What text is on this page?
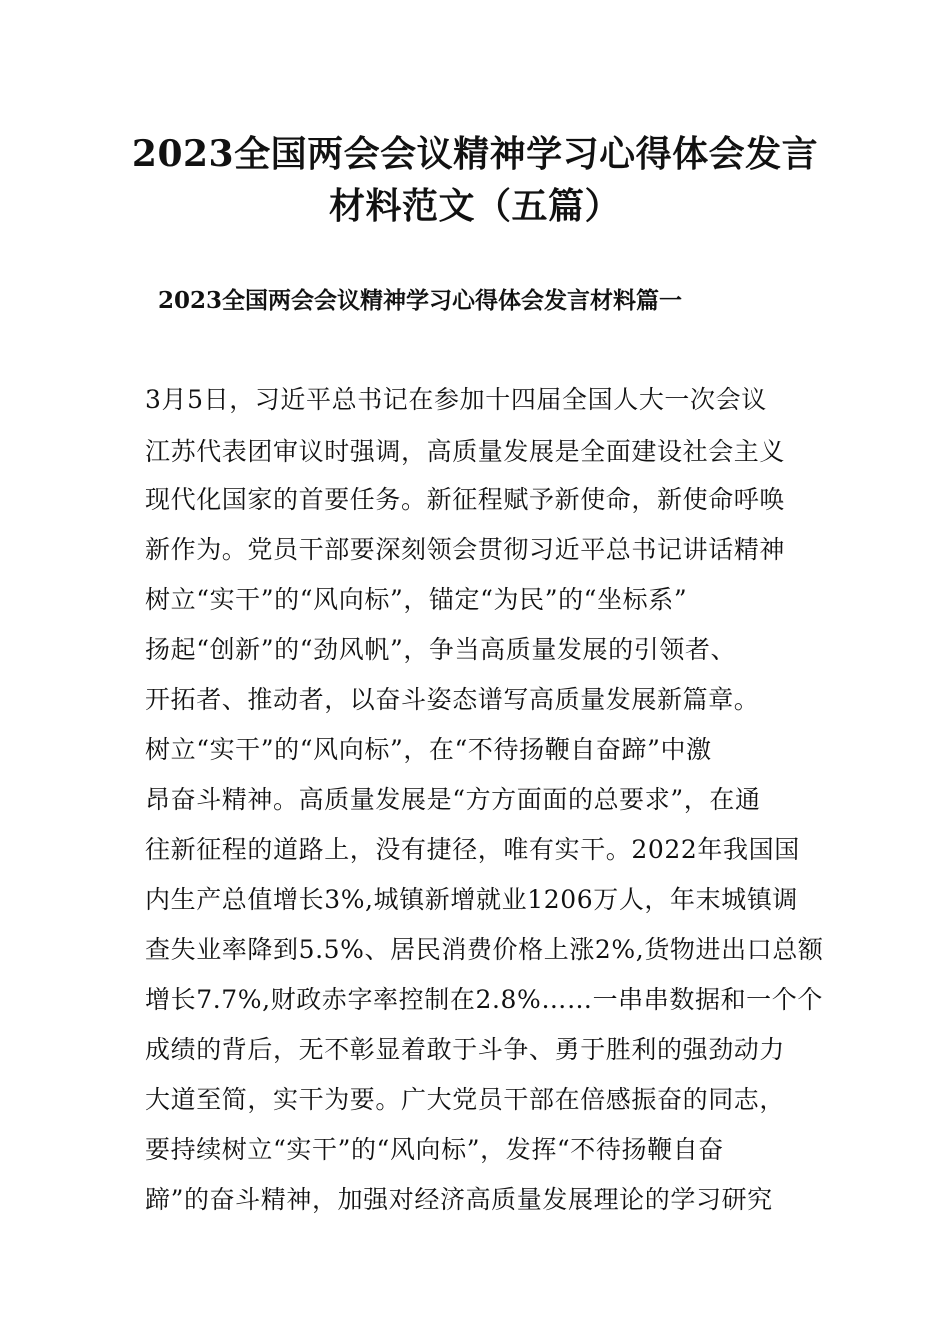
2023全国两会会议精神学习心得体会发言
材料范文（五篇）
2023全国两会会议精神学习心得体会发言材料篇一
3月5日，习近平总书记在参加十四届全国人大一次会议
江苏代表团审议时强调，高质量发展是全面建设社会主义
现代化国家的首要任务。新征程赋予新使命，新使命呼唤
新作为。党员干部要深刻领会贯彻习近平总书记讲话精神
树立“实干”的“风向标”，锚定“为民”的“坐标系”
扬起“创新”的“劲风帆”，争当高质量发展的引领者、
开拓者、推动者，以奋斗姿态谱写高质量发展新篇章。
树立“实干”的“风向标”，在“不待扬鞭自奋蹄”中激
昂奋斗精神。高质量发展是“方方面面的总要求”，在通
往新征程的道路上，没有捷径，唯有实干。2022年我国国
内生产总值增长3%,城镇新增就业1206万人，年末城镇调
查失业率降到5.5%、居民消费价格上涨2%,货物进出口总额
增长7.7%,财政赤字率控制在2.8%……一串串数据和一个个
成绩的背后，无不彰显着敢于斗争、勇于胜利的强劲动力
大道至简，实干为要。广大党员干部在倍感振奋的同志，
要持续树立“实干”的“风向标”，发挥“不待扬鞭自奋
蹄”的奋斗精神，加强对经济高质量发展理论的学习研究
